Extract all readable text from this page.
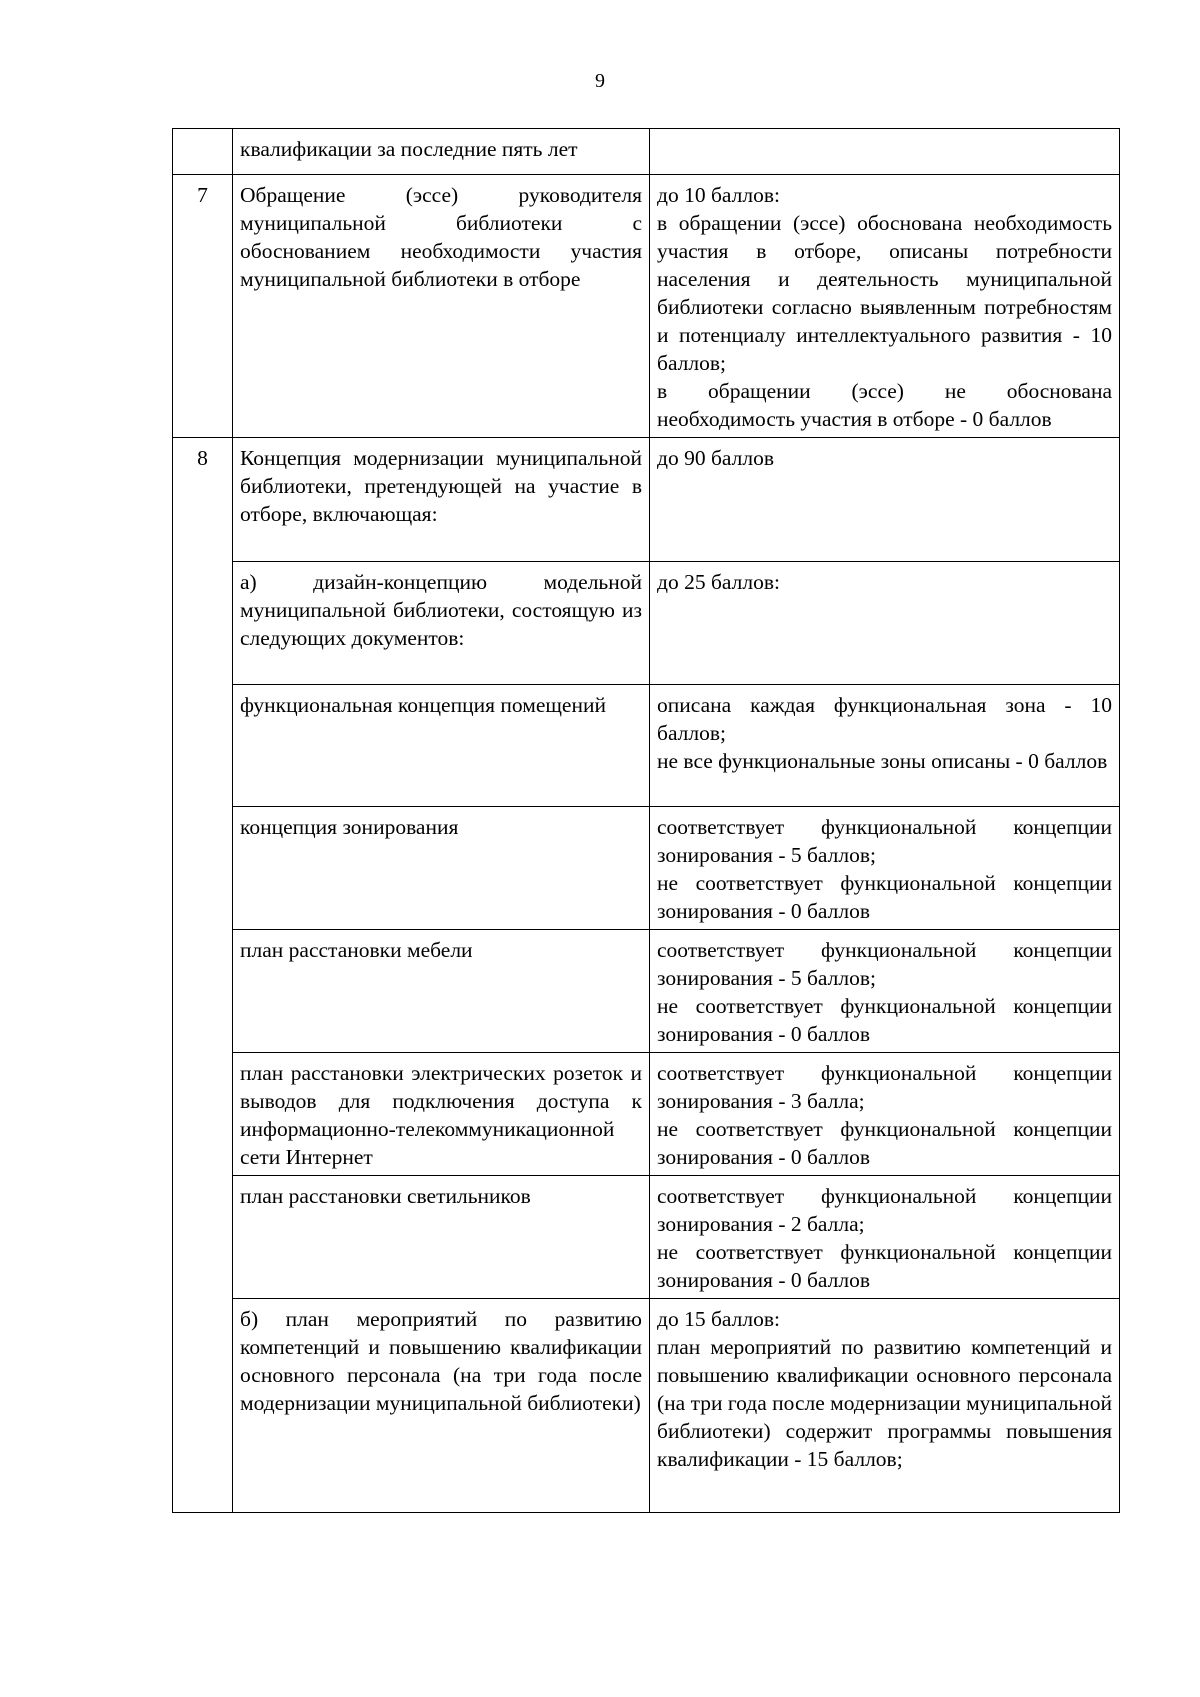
9
	квалификации за последние пять лет	
7	Обращение (эссе) руководителя муниципальной библиотеки с обоснованием необходимости участия муниципальной библиотеки в отборе	до 10 баллов:
в обращении (эссе) обоснована необходимость участия в отборе, описаны потребности населения и деятельность муниципальной библиотеки согласно выявленным потребностям и потенциалу интеллектуального развития - 10 баллов;
в обращении (эссе) не обоснована необходимость участия в отборе - 0 баллов

8	Концепция модернизации муниципальной библиотеки, претендующей на участие в отборе, включающая:	до 90 баллов

	а) дизайн-концепцию модельной муниципальной библиотеки, состоящую из следующих документов:	до 25 баллов:

	функциональная концепция помещений	описана каждая функциональная зона - 10 баллов;
не все функциональные зоны описаны - 0 баллов

	концепция зонирования	соответствует функциональной концепции зонирования - 5 баллов;
не соответствует функциональной концепции зонирования - 0 баллов

	план расстановки мебели	соответствует функциональной концепции зонирования - 5 баллов;
не соответствует функциональной концепции зонирования - 0 баллов

	план расстановки электрических розеток и выводов для подключения доступа к информационно-телекоммуникационной сети Интернет	соответствует функциональной концепции зонирования - 3 балла;
не соответствует функциональной концепции зонирования - 0 баллов

	план расстановки светильников	соответствует функциональной концепции зонирования - 2 балла;
не соответствует функциональной концепции зонирования - 0 баллов

	б) план мероприятий по развитию компетенций и повышению квалификации основного персонала (на три года после модернизации муниципальной библиотеки)	до 15 баллов:
план мероприятий по развитию компетенций и повышению квалификации основного персонала (на три года после модернизации муниципальной библиотеки) содержит программы повышения квалификации - 15 баллов;
